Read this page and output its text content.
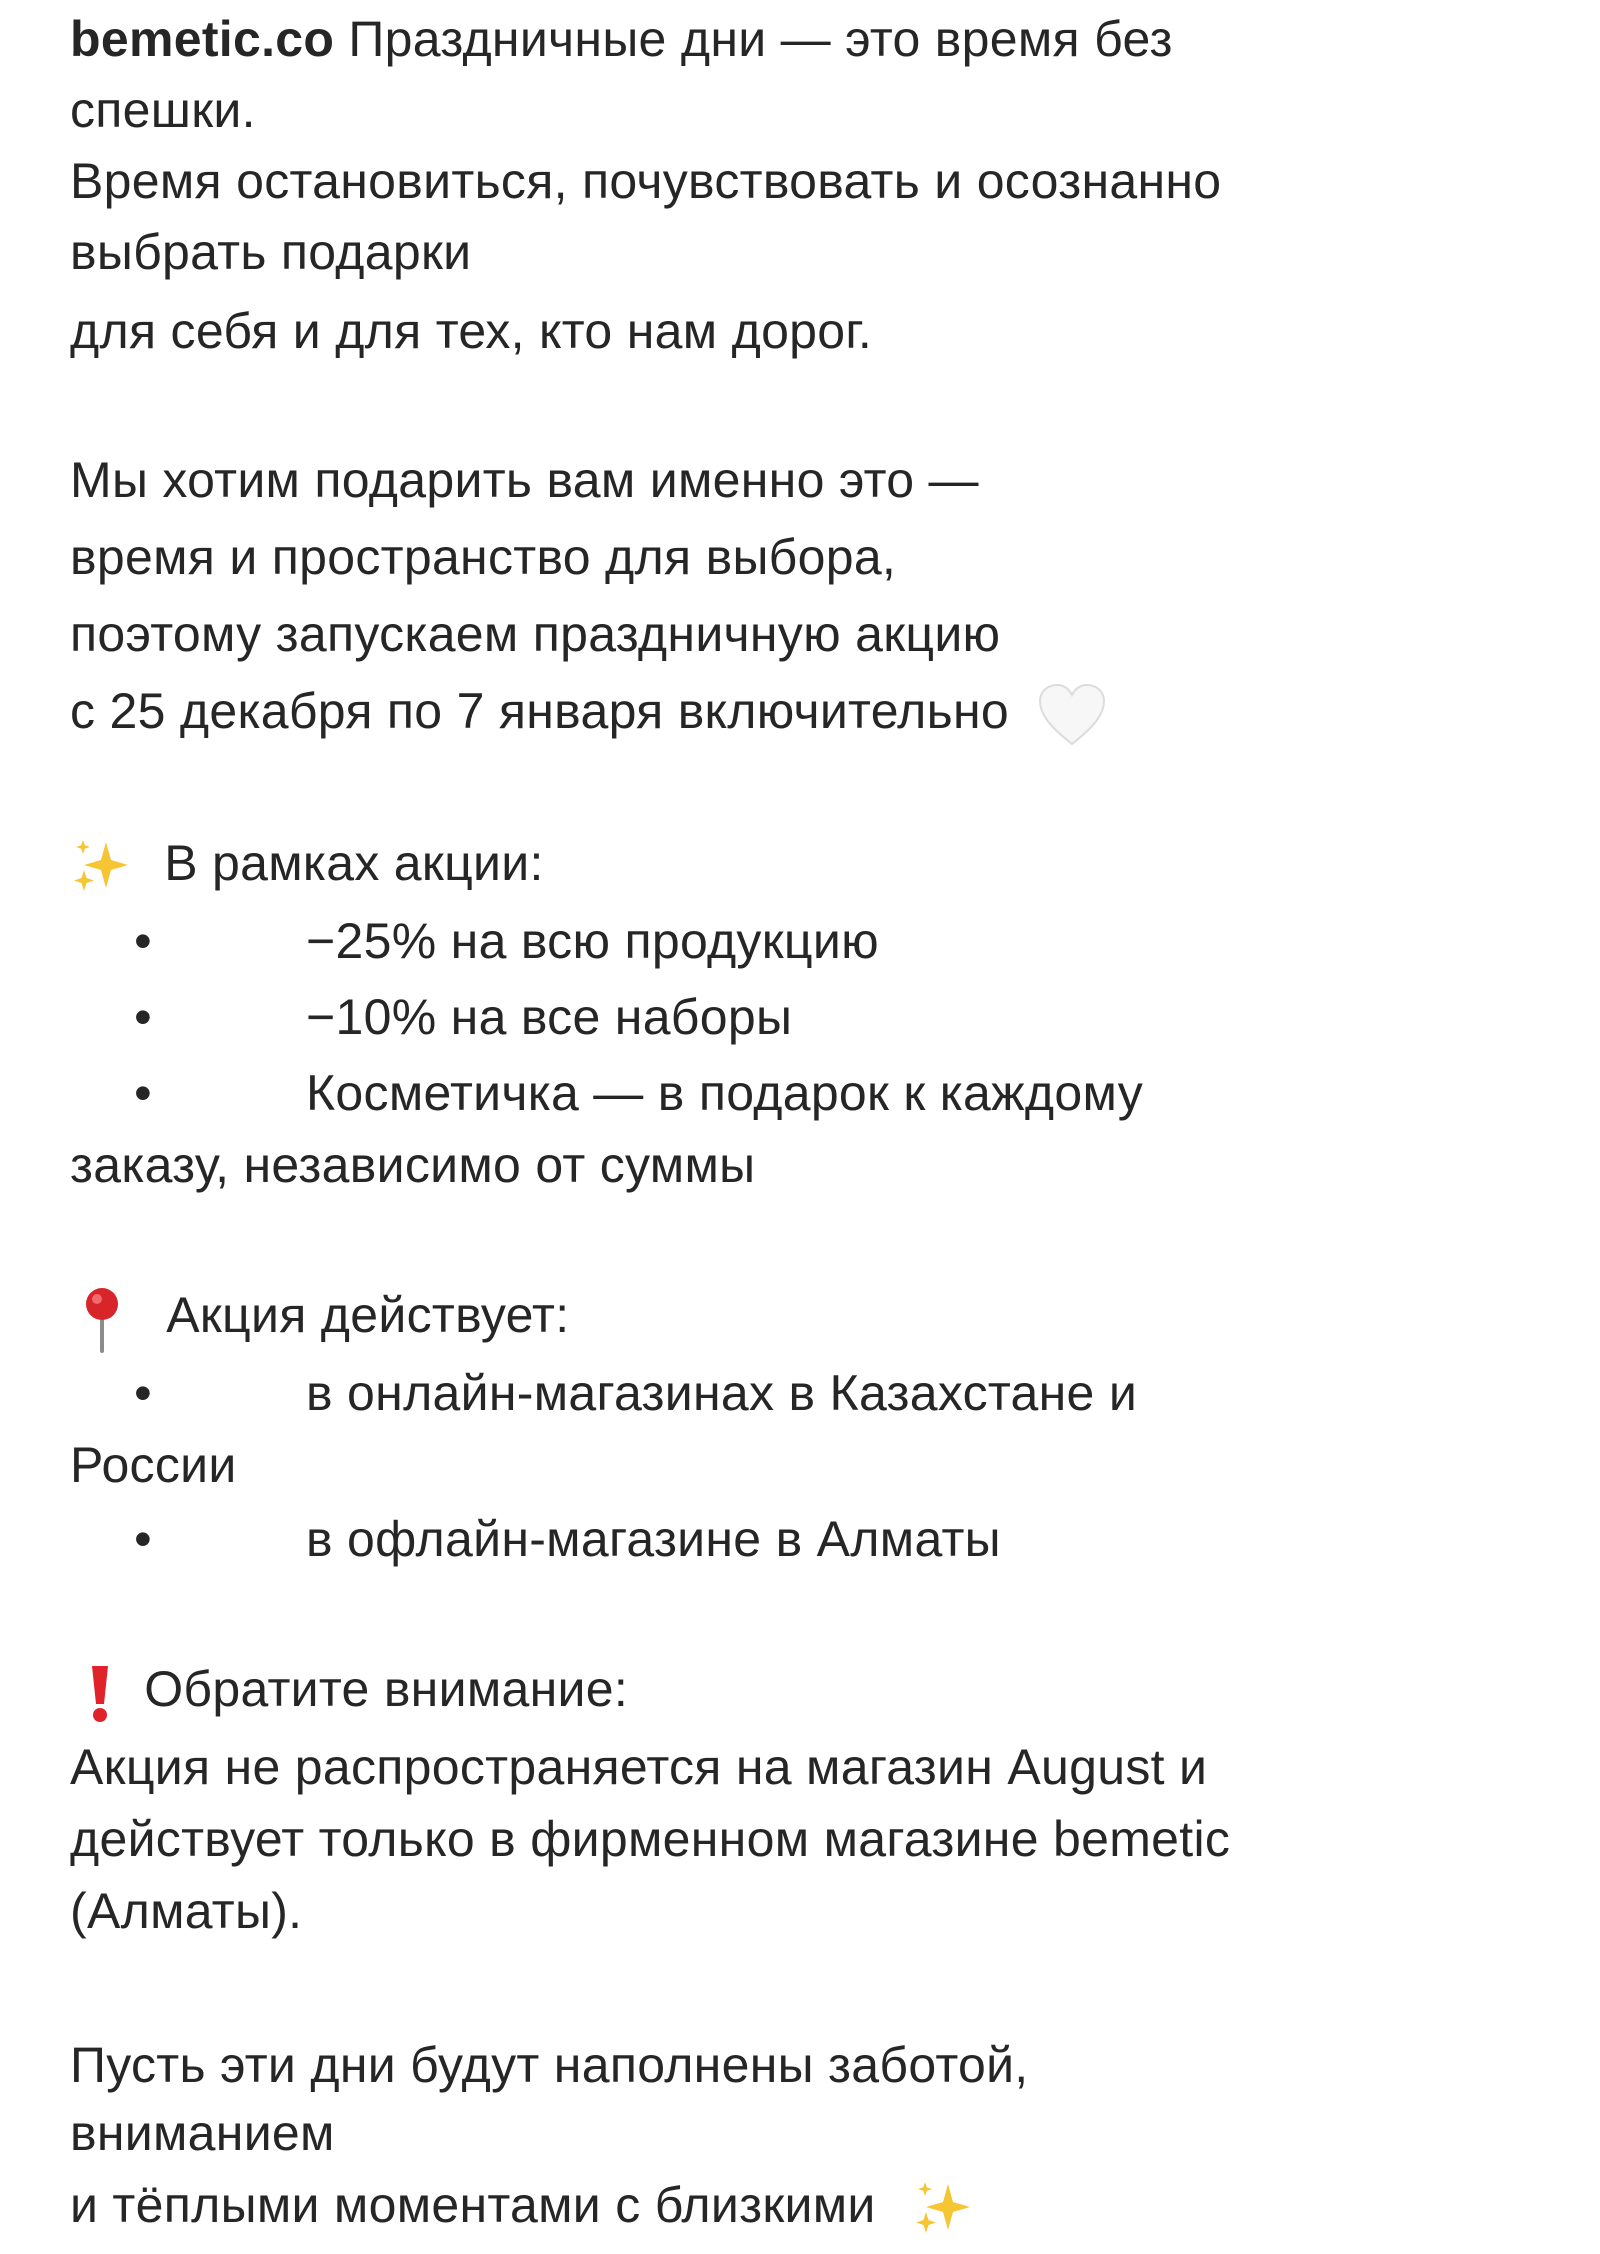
bemetic.co Праздничные дни — это время без
спешки.
Время остановиться, почувствовать и осознанно
выбрать подарки
для себя и для тех, кто нам дорог.
Мы хотим подарить вам именно это —
время и пространство для выбора,
поэтому запускаем праздничную акцию
с 25 декабря по 7 января включительно
В рамках акции:
•	−25% на всю продукцию
•	−10% на все наборы
•	Косметичка — в подарок к каждому
заказу, независимо от суммы
Акция действует:
•	в онлайн-магазинах в Казахстане и
России
•	в офлайн-магазине в Алматы
Обратите внимание:
Акция не распространяется на магазин August и
действует только в фирменном магазине bemetic
(Алматы).
Пусть эти дни будут наполнены заботой,
вниманием
и тёплыми моментами с близкими
